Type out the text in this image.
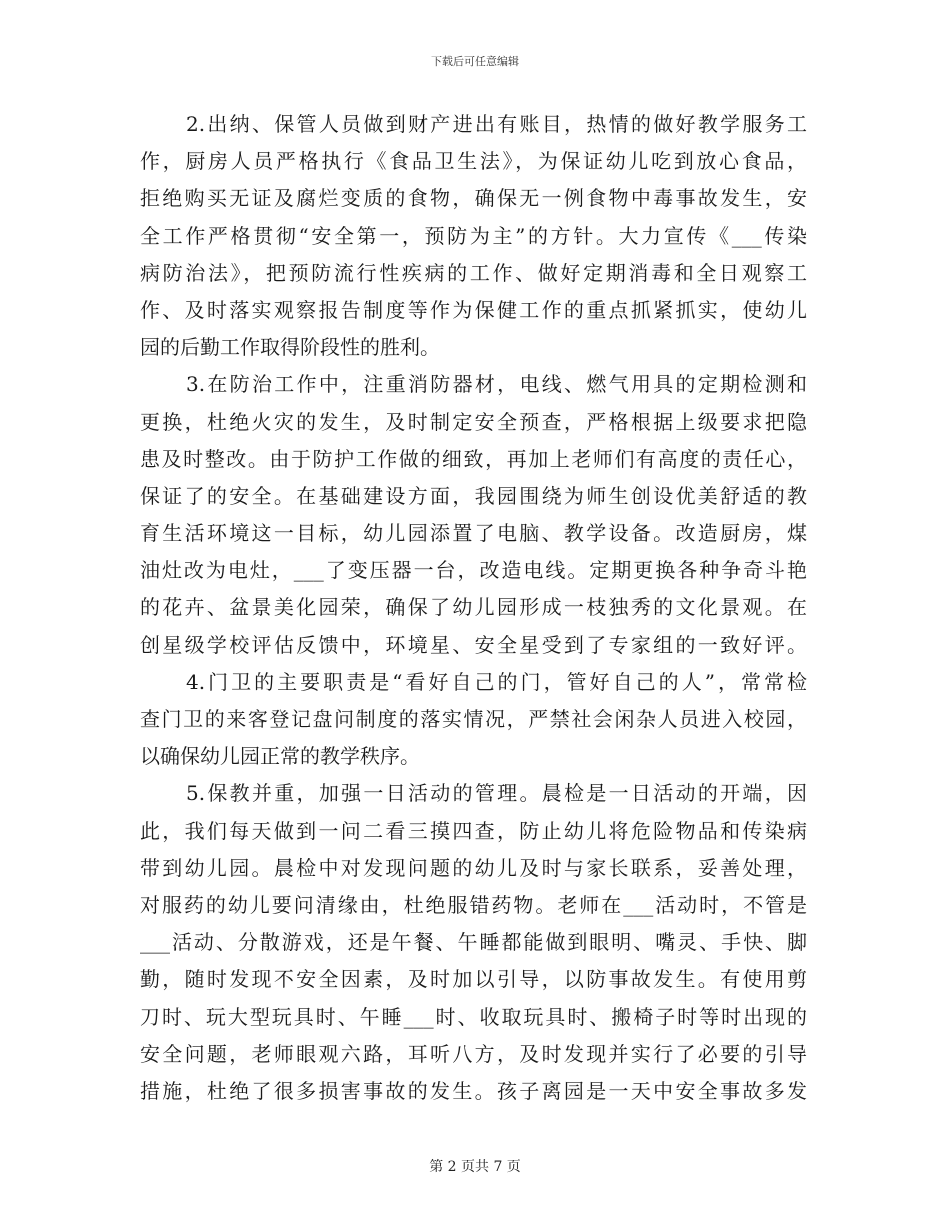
下载后可任意编辑
2.出纳、保管人员做到财产进出有账目，热情的做好教学服务工
作，厨房人员严格执行《食品卫生法》，为保证幼儿吃到放心食品，
拒绝购买无证及腐烂变质的食物，确保无一例食物中毒事故发生，安
全工作严格贯彻“安全第一，预防为主”的方针。大力宣传《___传染
病防治法》，把预防流行性疾病的工作、做好定期消毒和全日观察工
作、及时落实观察报告制度等作为保健工作的重点抓紧抓实，使幼儿
园的后勤工作取得阶段性的胜利。
3.在防治工作中，注重消防器材，电线、燃气用具的定期检测和
更换，杜绝火灾的发生，及时制定安全预查，严格根据上级要求把隐
患及时整改。由于防护工作做的细致，再加上老师们有高度的责任心，
保证了的安全。在基础建设方面，我园围绕为师生创设优美舒适的教
育生活环境这一目标，幼儿园添置了电脑、教学设备。改造厨房，煤
油灶改为电灶，___了变压器一台，改造电线。定期更换各种争奇斗艳
的花卉、盆景美化园荣，确保了幼儿园形成一枝独秀的文化景观。在
创星级学校评估反馈中，环境星、安全星受到了专家组的一致好评。
4.门卫的主要职责是“看好自己的门，管好自己的人”，常常检
查门卫的来客登记盘问制度的落实情况，严禁社会闲杂人员进入校园，
以确保幼儿园正常的教学秩序。
5.保教并重，加强一日活动的管理。晨检是一日活动的开端，因
此，我们每天做到一问二看三摸四查，防止幼儿将危险物品和传染病
带到幼儿园。晨检中对发现问题的幼儿及时与家长联系，妥善处理，
对服药的幼儿要问清缘由，杜绝服错药物。老师在___活动时，不管是
___活动、分散游戏，还是午餐、午睡都能做到眼明、嘴灵、手快、脚
勤，随时发现不安全因素，及时加以引导，以防事故发生。有使用剪
刀时、玩大型玩具时、午睡___时、收取玩具时、搬椅子时等时出现的
安全问题，老师眼观六路，耳听八方，及时发现并实行了必要的引导
措施，杜绝了很多损害事故的发生。孩子离园是一天中安全事故多发
第 2 页共 7 页
